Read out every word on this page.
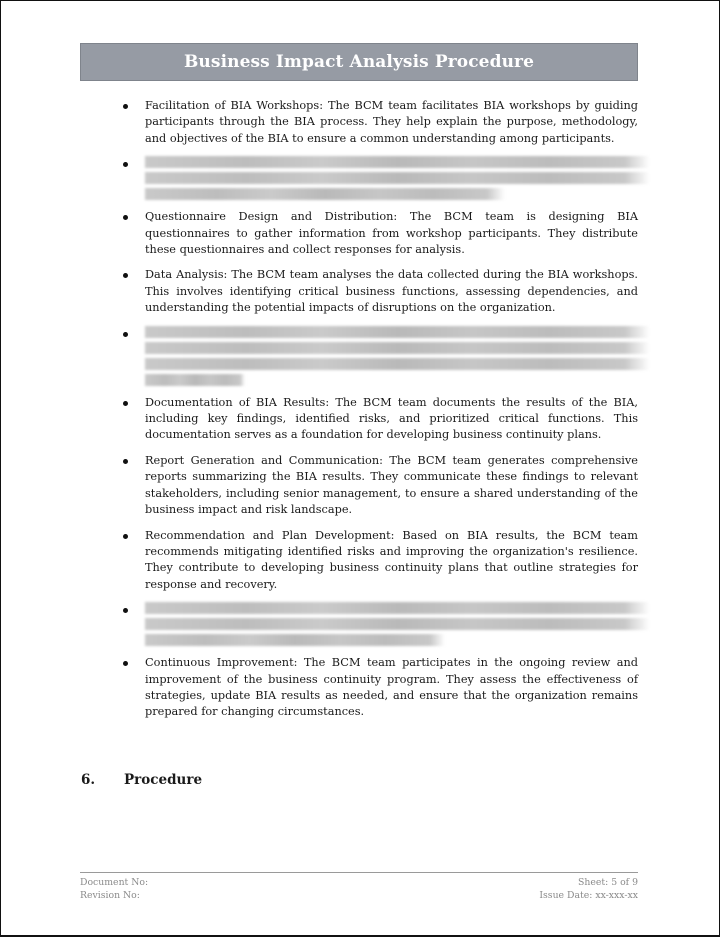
Business Impact Analysis Procedure
Facilitation of BIA Workshops: The BCM team facilitates BIA workshops by guiding participants through the BIA process. They help explain the purpose, methodology, and objectives of the BIA to ensure a common understanding among participants.
Questionnaire Design and Distribution: The BCM team is designing BIA questionnaires to gather information from workshop participants. They distribute these questionnaires and collect responses for analysis.
Data Analysis: The BCM team analyses the data collected during the BIA workshops. This involves identifying critical business functions, assessing dependencies, and understanding the potential impacts of disruptions on the organization.
Documentation of BIA Results: The BCM team documents the results of the BIA, including key findings, identified risks, and prioritized critical functions. This documentation serves as a foundation for developing business continuity plans.
Report Generation and Communication: The BCM team generates comprehensive reports summarizing the BIA results. They communicate these findings to relevant stakeholders, including senior management, to ensure a shared understanding of the business impact and risk landscape.
Recommendation and Plan Development: Based on BIA results, the BCM team recommends mitigating identified risks and improving the organization's resilience. They contribute to developing business continuity plans that outline strategies for response and recovery.
Continuous Improvement: The BCM team participates in the ongoing review and improvement of the business continuity program. They assess the effectiveness of strategies, update BIA results as needed, and ensure that the organization remains prepared for changing circumstances.
6.	Procedure
Document No:	Sheet: 5 of 9
Revision No:	Issue Date: xx-xxx-xx
